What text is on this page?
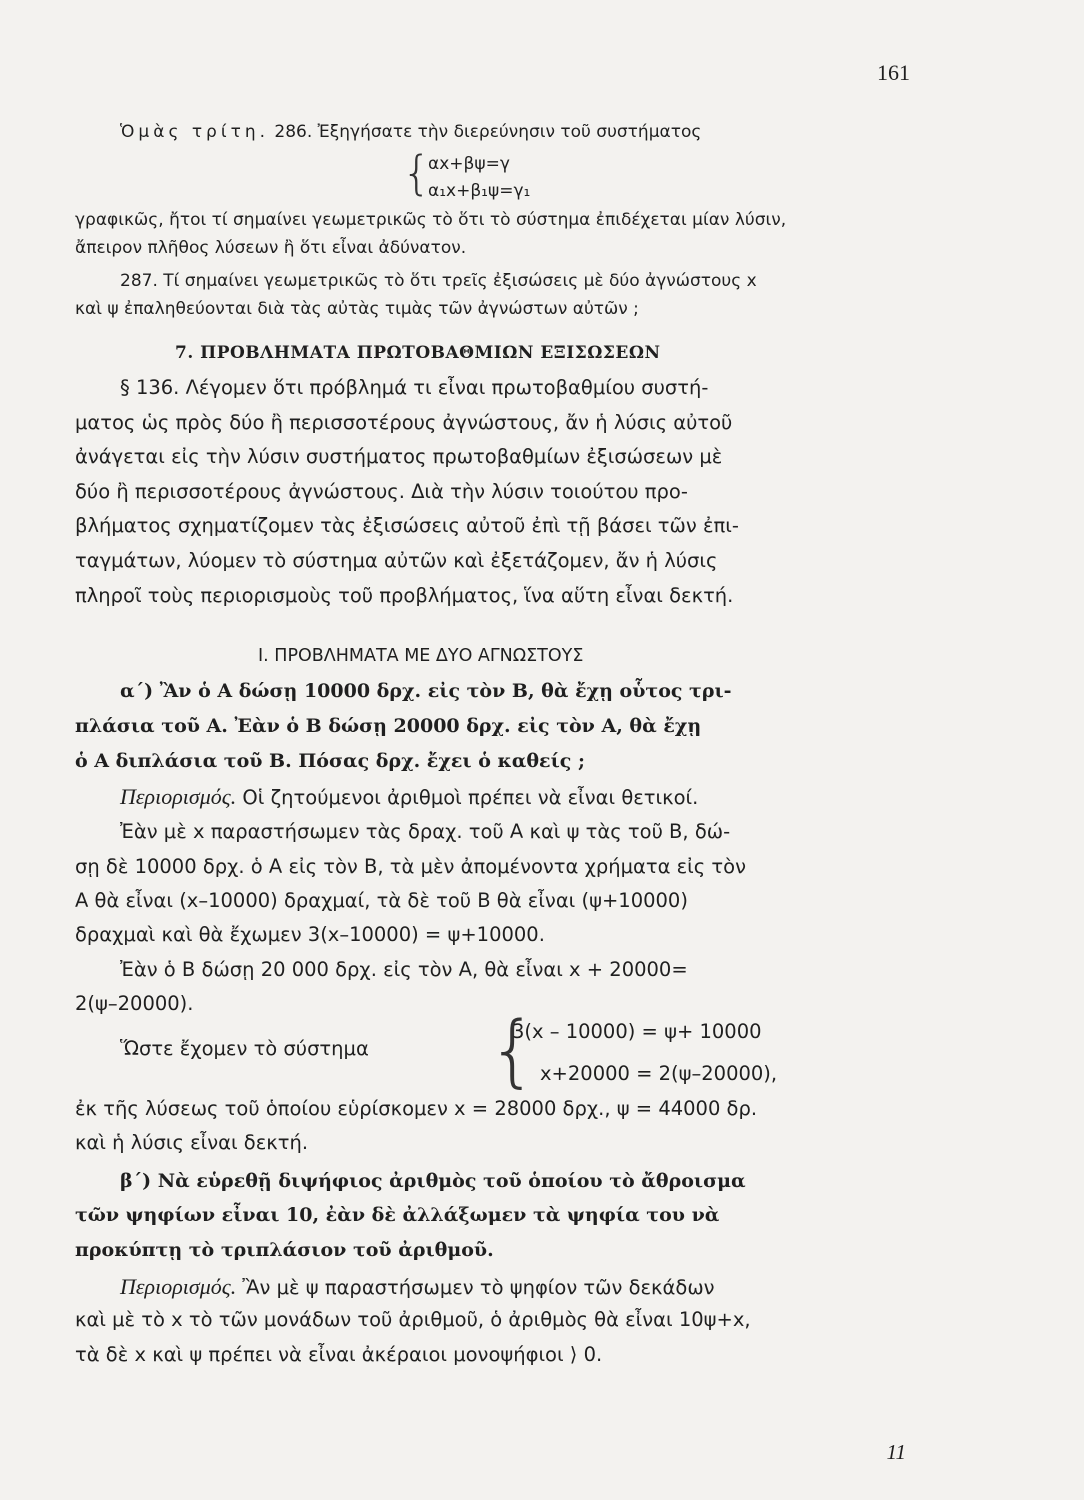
161
Ὁμὰς τρίτη. 286. Ἐξηγήσατε τὴν διερεύνησιν τοῦ συστήματος
{
αx+βψ=γ
α₁x+β₁ψ=γ₁
γραφικῶς, ἤτοι τί σημαίνει γεωμετρικῶς τὸ ὅτι τὸ σύστημα ἐπιδέχεται μίαν λύσιν,
ἄπειρον πλῆθος λύσεων ἢ ὅτι εἶναι ἀδύνατον.
287. Τί σημαίνει γεωμετρικῶς τὸ ὅτι τρεῖς ἐξισώσεις μὲ δύο ἀγνώστους x
καὶ ψ ἐπαληθεύονται διὰ τὰς αὐτὰς τιμὰς τῶν ἀγνώστων αὐτῶν ;
7. ΠΡΟΒΛΗΜΑΤΑ ΠΡΩΤΟΒΑΘΜΙΩΝ ΕΞΙΣΩΣΕΩΝ
§ 136. Λέγομεν ὅτι πρόβλημά τι εἶναι πρωτοβαθμίου συστή-
ματος ὡς πρὸς δύο ἢ περισσοτέρους ἀγνώστους, ἄν ἡ λύσις αὐτοῦ
ἀνάγεται εἰς τὴν λύσιν συστήματος πρωτοβαθμίων ἐξισώσεων μὲ
δύο ἢ περισσοτέρους ἀγνώστους. Διὰ τὴν λύσιν τοιούτου προ-
βλήματος σχηματίζομεν τὰς ἐξισώσεις αὐτοῦ ἐπὶ τῇ βάσει τῶν ἐπι-
ταγμάτων, λύομεν τὸ σύστημα αὐτῶν καὶ ἐξετάζομεν, ἄν ἡ λύσις
πληροῖ τοὺς περιορισμοὺς τοῦ προβλήματος, ἵνα αὕτη εἶναι δεκτή.
I. ΠΡΟΒΛΗΜΑΤΑ ΜΕ ΔΥΟ ΑΓΝΩΣΤΟΥΣ
α΄) Ἂν ὁ Α δώσῃ 10000 δρχ. εἰς τὸν Β, θὰ ἔχῃ οὗτος τρι-
πλάσια τοῦ Α. Ἐὰν ὁ Β δώσῃ 20000 δρχ. εἰς τὸν Α, θὰ ἔχῃ
ὁ Α διπλάσια τοῦ Β. Πόσας δρχ. ἔχει ὁ καθείς ;
Περιορισμός. Οἱ ζητούμενοι ἀριθμοὶ πρέπει νὰ εἶναι θετικοί.
Ἐὰν μὲ x παραστήσωμεν τὰς δραχ. τοῦ Α καὶ ψ τὰς τοῦ Β, δώ-
σῃ δὲ 10000 δρχ. ὁ Α εἰς τὸν Β, τὰ μὲν ἀπομένοντα χρήματα εἰς τὸν
Α θὰ εἶναι (x–10000) δραχμαί, τὰ δὲ τοῦ Β θὰ εἶναι (ψ+10000)
δραχμαὶ καὶ θὰ ἔχωμεν 3(x–10000) = ψ+10000.
Ἐὰν ὁ Β δώσῃ 20 000 δρχ. εἰς τὸν Α, θὰ εἶναι x + 20000=
2(ψ–20000).
Ὥστε ἔχομεν τὸ σύστημα {
3(x – 10000) = ψ+ 10000
x+20000 = 2(ψ–20000),
ἐκ τῆς λύσεως τοῦ ὁποίου εὑρίσκομεν x = 28000 δρχ., ψ = 44000 δρ.
καὶ ἡ λύσις εἶναι δεκτή.
β΄) Νὰ εὑρεθῇ διψήφιος ἀριθμὸς τοῦ ὁποίου τὸ ἄθροισμα
τῶν ψηφίων εἶναι 10, ἐὰν δὲ ἀλλάξωμεν τὰ ψηφία του νὰ
προκύπτῃ τὸ τριπλάσιον τοῦ ἀριθμοῦ.
Περιορισμός. Ἂν μὲ ψ παραστήσωμεν τὸ ψηφίον τῶν δεκάδων
καὶ μὲ τὸ x τὸ τῶν μονάδων τοῦ ἀριθμοῦ, ὁ ἀριθμὸς θὰ εἶναι 10ψ+x,
τὰ δὲ x καὶ ψ πρέπει νὰ εἶναι ἀκέραιοι μονοψήφιοι ⟩ 0.
11
